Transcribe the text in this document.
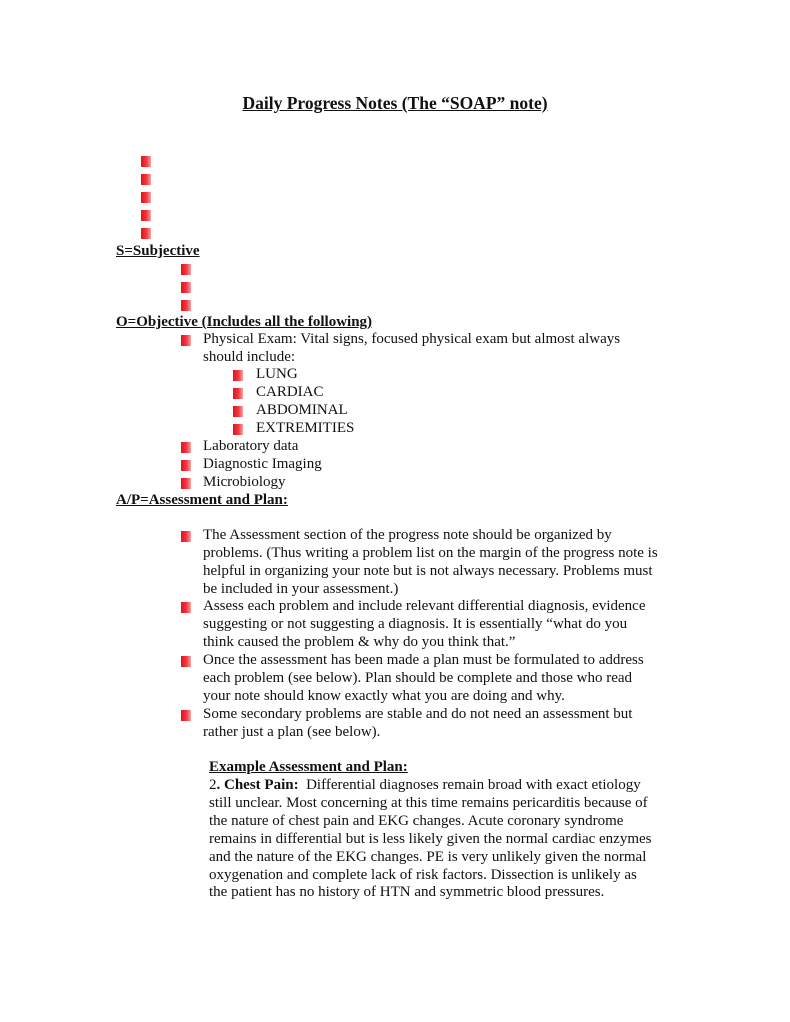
Daily Progress Notes (The “SOAP” note)
S=Subjective
O=Objective (Includes all the following)
Physical Exam: Vital signs, focused physical exam but almost always
should include:
LUNG
CARDIAC
ABDOMINAL
EXTREMITIES
Laboratory data
Diagnostic Imaging
Microbiology
A/P=Assessment and Plan:
The Assessment section of the progress note should be organized by
problems. (Thus writing a problem list on the margin of the progress note is
helpful in organizing your note but is not always necessary. Problems must
be included in your assessment.)
Assess each problem and include relevant differential diagnosis, evidence
suggesting or not suggesting a diagnosis. It is essentially “what do you
think caused the problem & why do you think that.”
Once the assessment has been made a plan must be formulated to address
each problem (see below). Plan should be complete and those who read
your note should know exactly what you are doing and why.
Some secondary problems are stable and do not need an assessment but
rather just a plan (see below).
Example Assessment and Plan:
2. Chest Pain:  Differential diagnoses remain broad with exact etiology
still unclear. Most concerning at this time remains pericarditis because of
the nature of chest pain and EKG changes. Acute coronary syndrome
remains in differential but is less likely given the normal cardiac enzymes
and the nature of the EKG changes. PE is very unlikely given the normal
oxygenation and complete lack of risk factors. Dissection is unlikely as
the patient has no history of HTN and symmetric blood pressures.
